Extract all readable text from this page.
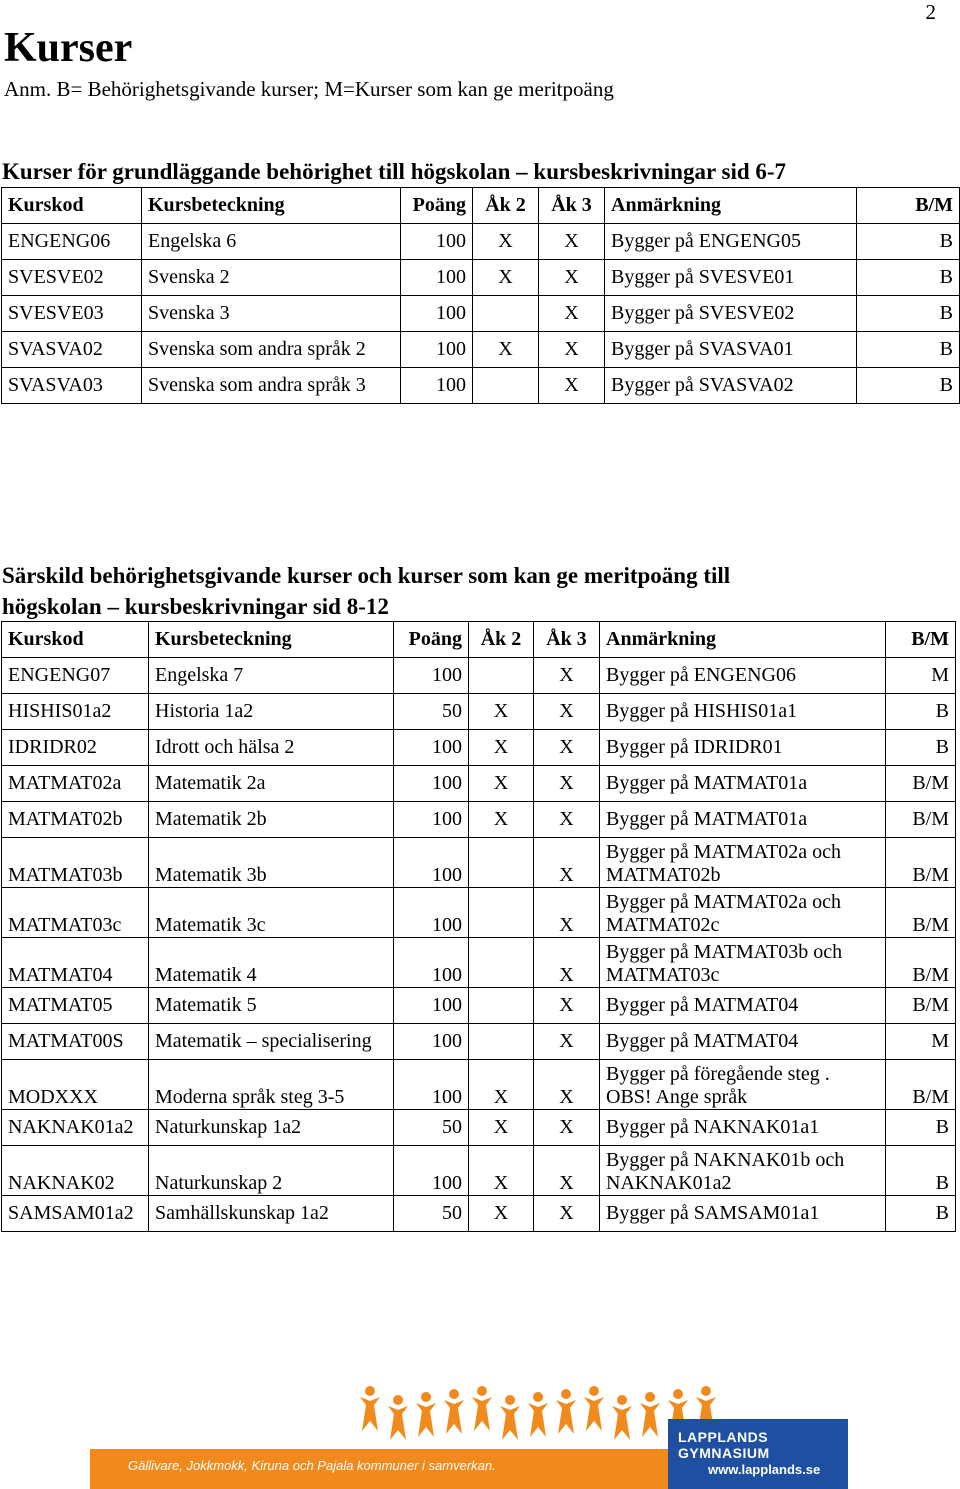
2
Kurser
Anm. B= Behörighetsgivande kurser; M=Kurser som kan ge meritpoäng
Kurser för grundläggande behörighet till högskolan – kursbeskrivningar sid 6-7
Kurskod	Kursbeteckning	Poäng	Åk 2	Åk 3	Anmärkning	B/M
ENGENG06	Engelska 6	100	X	X	Bygger på ENGENG05	B
SVESVE02	Svenska 2	100	X	X	Bygger på SVESVE01	B
SVESVE03	Svenska 3	100		X	Bygger på SVESVE02	B
SVASVA02	Svenska som andra språk 2	100	X	X	Bygger på SVASVA01	B
SVASVA03	Svenska som andra språk 3	100		X	Bygger på SVASVA02	B
Särskild behörighetsgivande kurser och kurser som kan ge meritpoäng till
högskolan – kursbeskrivningar sid 8-12
Kurskod	Kursbeteckning	Poäng	Åk 2	Åk 3	Anmärkning	B/M
ENGENG07	Engelska 7	100		X	Bygger på ENGENG06	M
HISHIS01a2	Historia 1a2	50	X	X	Bygger på HISHIS01a1	B
IDRIDR02	Idrott och hälsa 2	100	X	X	Bygger på IDRIDR01	B
MATMAT02a	Matematik 2a	100	X	X	Bygger på MATMAT01a	B/M
MATMAT02b	Matematik 2b	100	X	X	Bygger på MATMAT01a	B/M
MATMAT03b	Matematik 3b	100		X	Bygger på MATMAT02a och MATMAT02b	B/M
MATMAT03c	Matematik 3c	100		X	Bygger på MATMAT02a och MATMAT02c	B/M
MATMAT04	Matematik 4	100		X	Bygger på MATMAT03b och MATMAT03c	B/M
MATMAT05	Matematik 5	100		X	Bygger på MATMAT04	B/M
MATMAT00S	Matematik – specialisering	100		X	Bygger på MATMAT04	M
MODXXX	Moderna språk steg 3-5	100	X	X	Bygger på föregående steg . OBS! Ange språk	B/M
NAKNAK01a2	Naturkunskap 1a2	50	X	X	Bygger på NAKNAK01a1	B
NAKNAK02	Naturkunskap 2	100	X	X	Bygger på NAKNAK01b och NAKNAK01a2	B
SAMSAM01a2	Samhällskunskap 1a2	50	X	X	Bygger på SAMSAM01a1	B
Gällivare, Jokkmokk, Kiruna och Pajala kommuner i samverkan.
LAPPLANDS GYMNASIUM
www.lapplands.se
